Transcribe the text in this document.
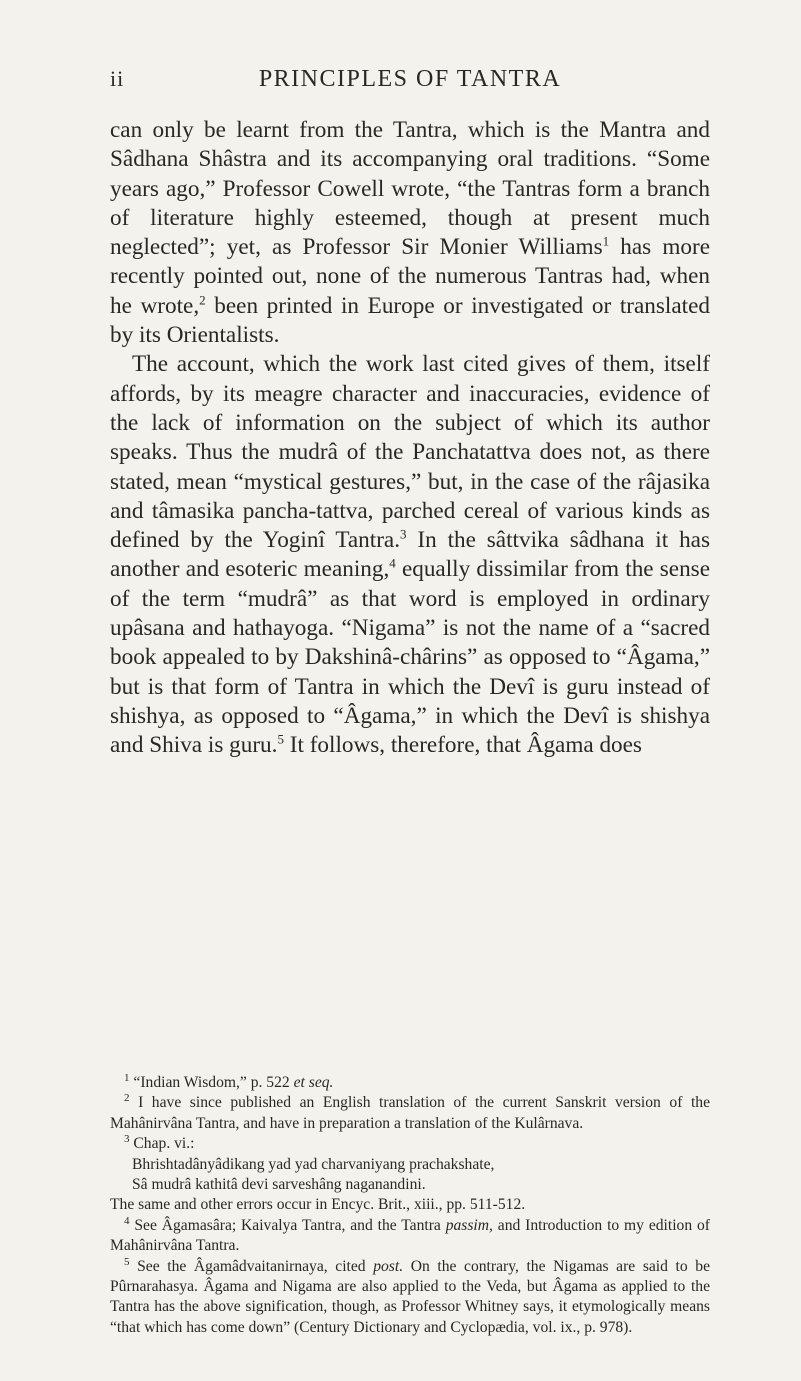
ii	PRINCIPLES OF TANTRA

can only be learnt from the Tantra, which is the Mantra and Sâdhana Shâstra and its accompanying oral traditions. “Some years ago,” Professor Cowell wrote, “the Tantras form a branch of literature highly esteemed, though at present much neglected”; yet, as Professor Sir Monier Williams$^1$ has more recently pointed out, none of the numerous Tantras had, when he wrote,$^2$ been printed in Europe or investigated or translated by its Orientalists.

The account, which the work last cited gives of them, itself affords, by its meagre character and inaccuracies, evidence of the lack of information on the subject of which its author speaks. Thus the mudrâ of the Panchatattva does not, as there stated, mean “mystical gestures,” but, in the case of the râjasika and tâmasika pancha-tattva, parched cereal of various kinds as defined by the Yoginî Tantra.$^3$ In the sâttvika sâdhana it has another and esoteric meaning,$^4$ equally dissimilar from the sense of the term “mudrâ” as that word is employed in ordinary upâsana and hathayoga. “Nigama” is not the name of a “sacred book appealed to by Dakshinâ-chârins” as opposed to “Âgama,” but is that form of Tantra in which the Devî is guru instead of shishya, as opposed to “Âgama,” in which the Devî is shishya and Shiva is guru.$^5$ It follows, therefore, that Âgama does

$^1$ “Indian Wisdom,” p. 522 et seq.

$^2$ I have since published an English translation of the current Sanskrit version of the Mahânirvâna Tantra, and have in preparation a translation of the Kulârnava.

$^3$ Chap. vi.:

Bhrishtadânyâdikang yad yad charvaniyang prachakshate,

Sâ mudrâ kathitâ devi sarveshâng naganandini.

The same and other errors occur in Encyc. Brit., xiii., pp. 511-512.

$^4$ See Âgamasâra; Kaivalya Tantra, and the Tantra passim, and Introduction to my edition of Mahânirvâna Tantra.

$^5$ See the Âgamâdvaitanirnaya, cited post. On the contrary, the Nigamas are said to be Pûrnarahasya. Âgama and Nigama are also applied to the Veda, but Âgama as applied to the Tantra has the above signification, though, as Professor Whitney says, it etymologically means “that which has come down” (Century Dictionary and Cyclopædia, vol. ix., p. 978).
